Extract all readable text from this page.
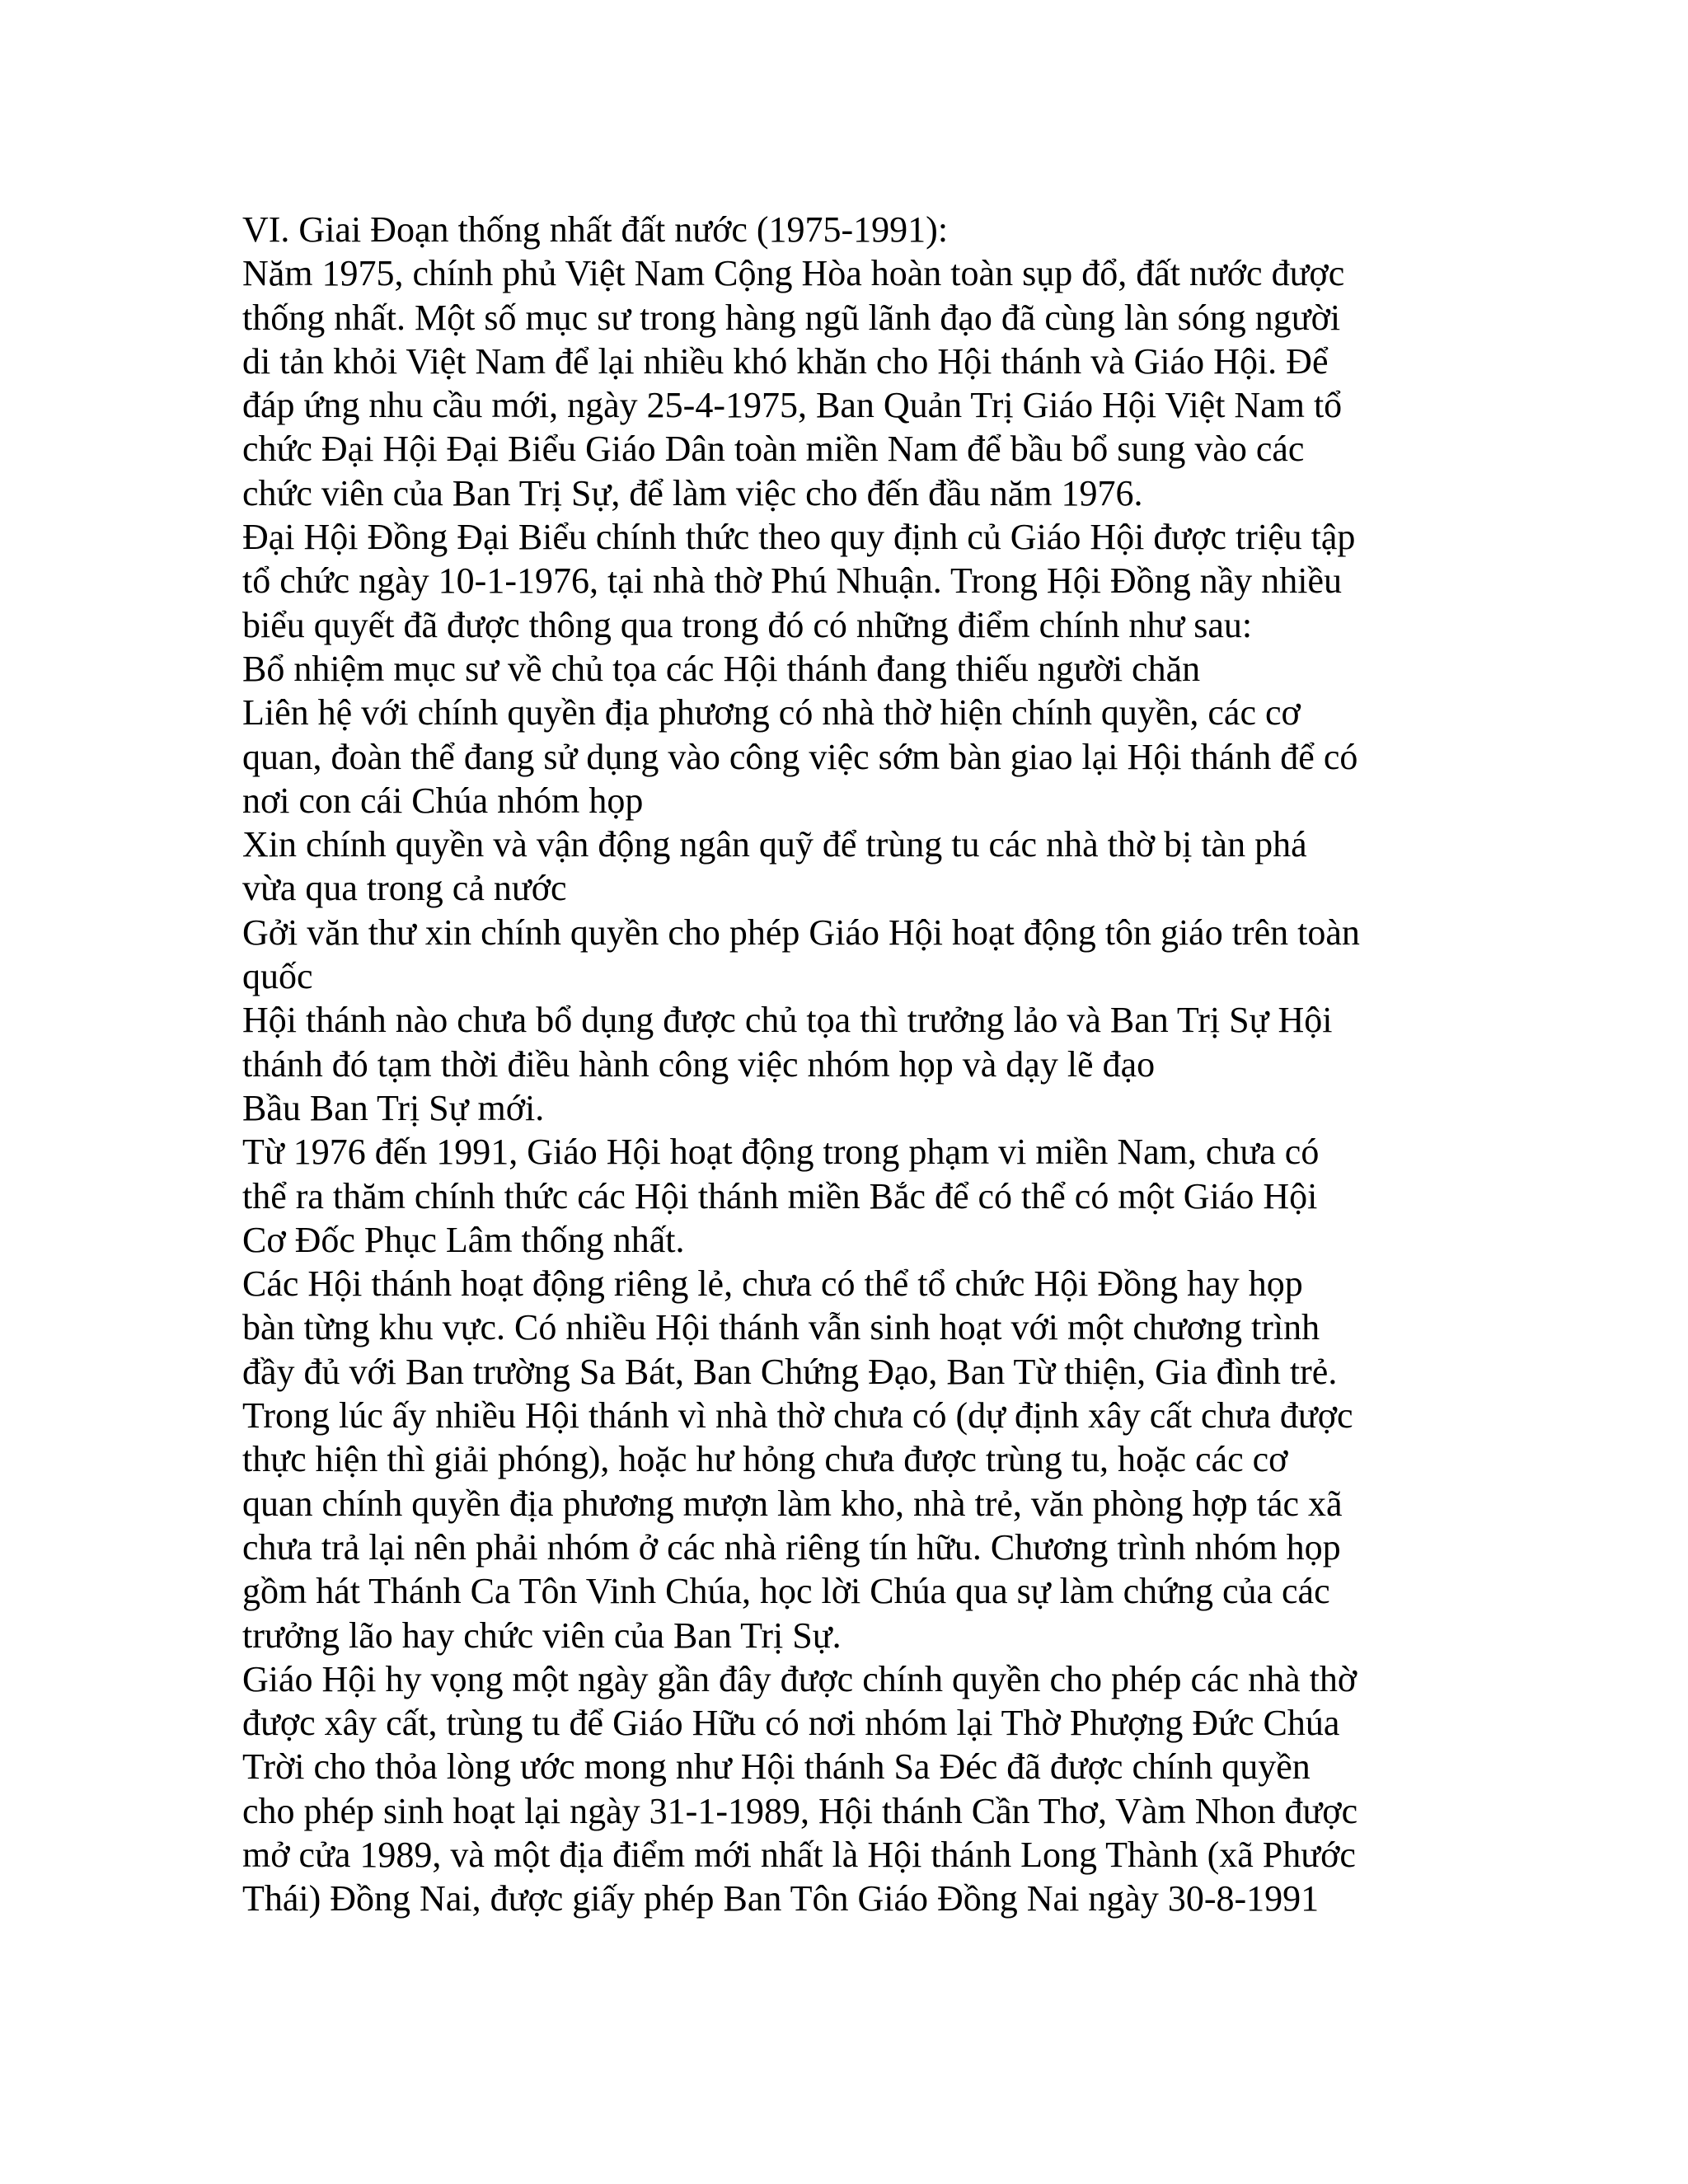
VI. Giai Đoạn thống nhất đất nước (1975-1991):
Năm 1975, chính phủ Việt Nam Cộng Hòa hoàn toàn sụp đổ, đất nước được
thống nhất. Một số mục sư trong hàng ngũ lãnh đạo đã cùng làn sóng người
di tản khỏi Việt Nam để lại nhiều khó khăn cho Hội thánh và Giáo Hội. Để
đáp ứng nhu cầu mới, ngày 25-4-1975, Ban Quản Trị Giáo Hội Việt Nam tổ
chức Đại Hội Đại Biểu Giáo Dân toàn miền Nam để bầu bổ sung vào các
chức viên của Ban Trị Sự, để làm việc cho đến đầu năm 1976.
Đại Hội Đồng Đại Biểu chính thức theo quy định củ Giáo Hội được triệu tập
tổ chức ngày 10-1-1976, tại nhà thờ Phú Nhuận. Trong Hội Đồng nầy nhiều
biểu quyết đã được thông qua trong đó có những điểm chính như sau:
Bổ nhiệm mục sư về chủ tọa các Hội thánh đang thiếu người chăn
Liên hệ với chính quyền địa phương có nhà thờ hiện chính quyền, các cơ
quan, đoàn thể đang sử dụng vào công việc sớm bàn giao lại Hội thánh để có
nơi con cái Chúa nhóm họp
Xin chính quyền và vận động ngân quỹ để trùng tu các nhà thờ bị tàn phá
vừa qua trong cả nước
Gởi văn thư xin chính quyền cho phép Giáo Hội hoạt động tôn giáo trên toàn
quốc
Hội thánh nào chưa bổ dụng được chủ tọa thì trưởng lảo và Ban Trị Sự Hội
thánh đó tạm thời điều hành công việc nhóm họp và dạy lẽ đạo
Bầu Ban Trị Sự mới.
Từ 1976 đến 1991, Giáo Hội hoạt động trong phạm vi miền Nam, chưa có
thể ra thăm chính thức các Hội thánh miền Bắc để có thể có một Giáo Hội
Cơ Đốc Phục Lâm thống nhất.
Các Hội thánh hoạt động riêng lẻ, chưa có thể tổ chức Hội Đồng hay họp
bàn từng khu vực. Có nhiều Hội thánh vẫn sinh hoạt với một chương trình
đầy đủ với Ban trường Sa Bát, Ban Chứng Đạo, Ban Từ thiện, Gia đình trẻ.
Trong lúc ấy nhiều Hội thánh vì nhà thờ chưa có (dự định xây cất chưa được
thực hiện thì giải phóng), hoặc hư hỏng chưa được trùng tu, hoặc các cơ
quan chính quyền địa phương mượn làm kho, nhà trẻ, văn phòng hợp tác xã
chưa trả lại nên phải nhóm ở các nhà riêng tín hữu. Chương trình nhóm họp
gồm hát Thánh Ca Tôn Vinh Chúa, học lời Chúa qua sự làm chứng của các
trưởng lão hay chức viên của Ban Trị Sự.
Giáo Hội hy vọng một ngày gần đây được chính quyền cho phép các nhà thờ
được xây cất, trùng tu để Giáo Hữu có nơi nhóm lại Thờ Phượng Đức Chúa
Trời cho thỏa lòng ước mong như Hội thánh Sa Đéc đã được chính quyền
cho phép sinh hoạt lại ngày 31-1-1989, Hội thánh Cần Thơ, Vàm Nhon được
mở cửa 1989, và một địa điểm mới nhất là Hội thánh Long Thành (xã Phước
Thái) Đồng Nai, được giấy phép Ban Tôn Giáo Đồng Nai ngày 30-8-1991
